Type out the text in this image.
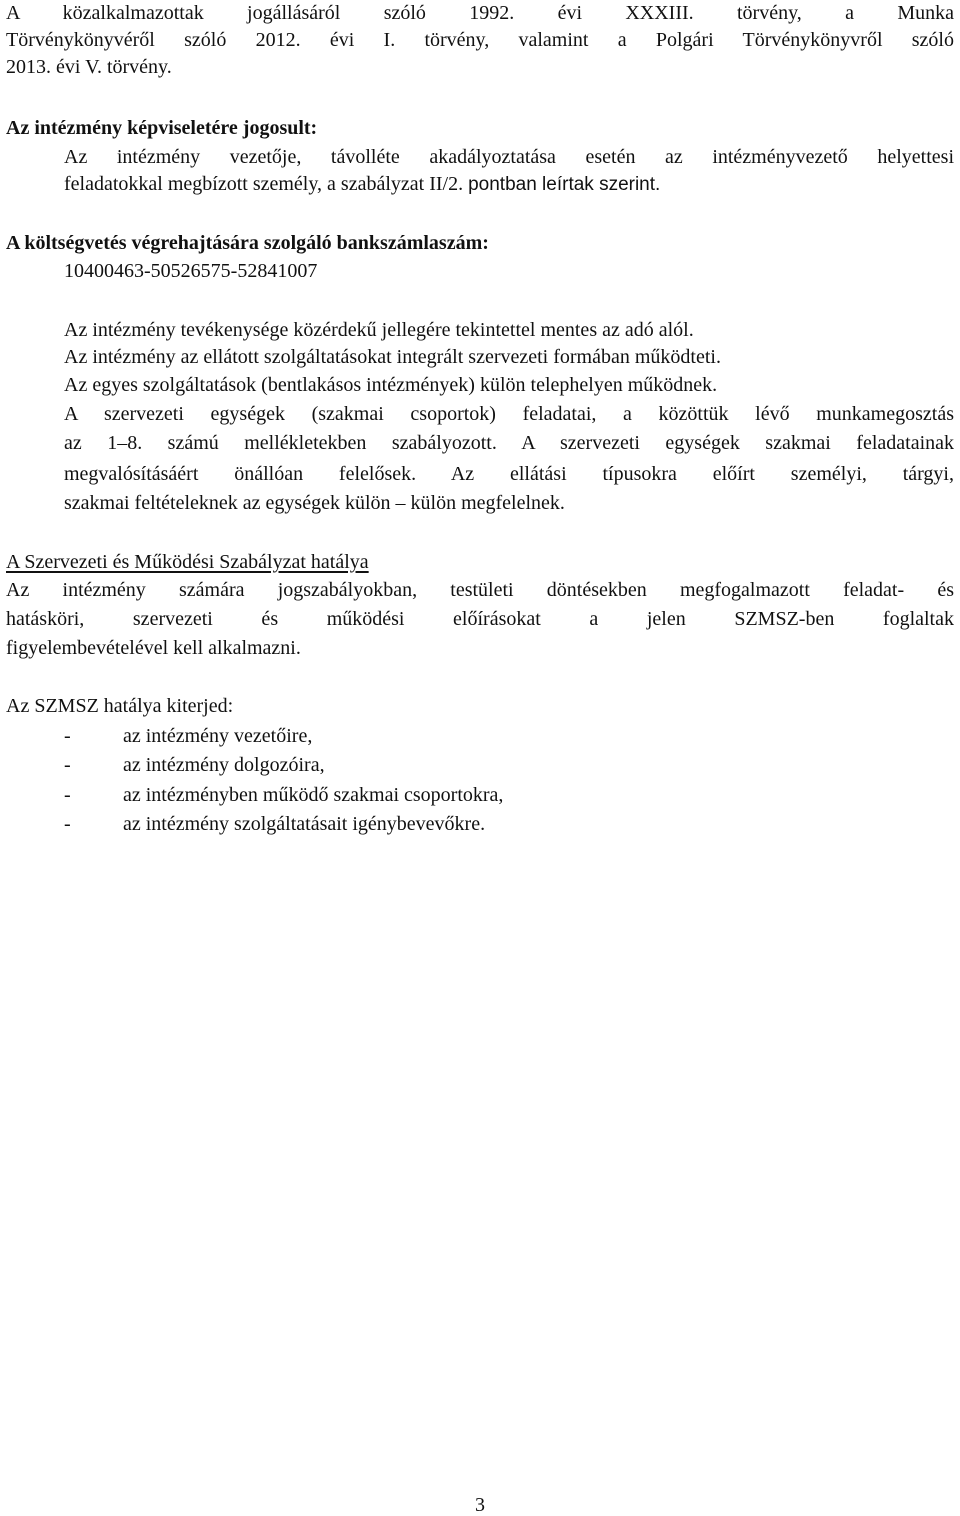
A közalkalmazottak jogállásáról szóló 1992. évi XXXIII. törvény, a Munka
Törvénykönyvéről szóló 2012. évi I. törvény, valamint a Polgári Törvénykönyvről szóló
2013. évi V. törvény.
Az intézmény képviseletére jogosult:
Az intézmény vezetője, távolléte akadályoztatása esetén az intézményvezető helyettesi
feladatokkal megbízott személy, a szabályzat II/2. pontban leírtak szerint.
A költségvetés végrehajtására szolgáló bankszámlaszám:
10400463-50526575-52841007
Az intézmény tevékenysége közérdekű jellegére tekintettel mentes az adó alól.
Az intézmény az ellátott szolgáltatásokat integrált szervezeti formában működteti.
Az egyes szolgáltatások (bentlakásos intézmények) külön telephelyen működnek.
A szervezeti egységek (szakmai csoportok) feladatai, a közöttük lévő munkamegosztás
az 1–8. számú mellékletekben szabályozott. A szervezeti egységek szakmai feladatainak
megvalósításáért önállóan felelősek. Az ellátási típusokra előírt személyi, tárgyi,
szakmai feltételeknek az egységek külön – külön megfelelnek.
A Szervezeti és Működési Szabályzat hatálya
Az intézmény számára jogszabályokban, testületi döntésekben megfogalmazott feladat- és
hatásköri, szervezeti és működési előírásokat a jelen SZMSZ-ben foglaltak
figyelembevételével kell alkalmazni.
Az SZMSZ hatálya kiterjed:
-	az intézmény vezetőire,
-	az intézmény dolgozóira,
-	az intézményben működő szakmai csoportokra,
-	az intézmény szolgáltatásait igénybevevőkre.
3
